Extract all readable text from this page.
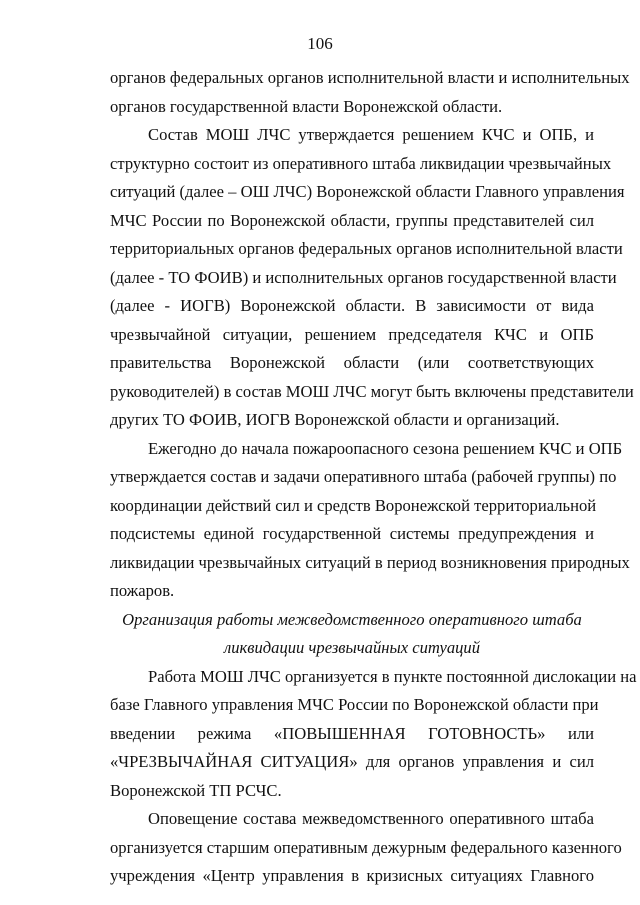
106
органов федеральных органов исполнительной власти и исполнительных
органов государственной власти Воронежской области.
Состав МОШ ЛЧС утверждается решением КЧС и ОПБ, и
структурно состоит из оперативного штаба ликвидации чрезвычайных
ситуаций (далее – ОШ ЛЧС) Воронежской области Главного управления
МЧС России по Воронежской области, группы представителей сил
территориальных органов федеральных органов исполнительной власти
(далее - ТО ФОИВ) и исполнительных органов государственной власти
(далее - ИОГВ) Воронежской области. В зависимости от вида
чрезвычайной ситуации, решением председателя КЧС и ОПБ
правительства Воронежской области (или соответствующих
руководителей) в состав МОШ ЛЧС могут быть включены представители
других ТО ФОИВ, ИОГВ Воронежской области и организаций.
Ежегодно до начала пожароопасного сезона решением КЧС и ОПБ
утверждается состав и задачи оперативного штаба (рабочей группы) по
координации действий сил и средств Воронежской территориальной
подсистемы единой государственной системы предупреждения и
ликвидации чрезвычайных ситуаций в период возникновения природных
пожаров.
Организация работы межведомственного оперативного штаба
ликвидации чрезвычайных ситуаций
Работа МОШ ЛЧС организуется в пункте постоянной дислокации на
базе Главного управления МЧС России по Воронежской области при
введении режима «ПОВЫШЕННАЯ ГОТОВНОСТЬ» или
«ЧРЕЗВЫЧАЙНАЯ СИТУАЦИЯ» для органов управления и сил
Воронежской ТП РСЧС.
Оповещение состава межведомственного оперативного штаба
организуется старшим оперативным дежурным федерального казенного
учреждения «Центр управления в кризисных ситуациях Главного
